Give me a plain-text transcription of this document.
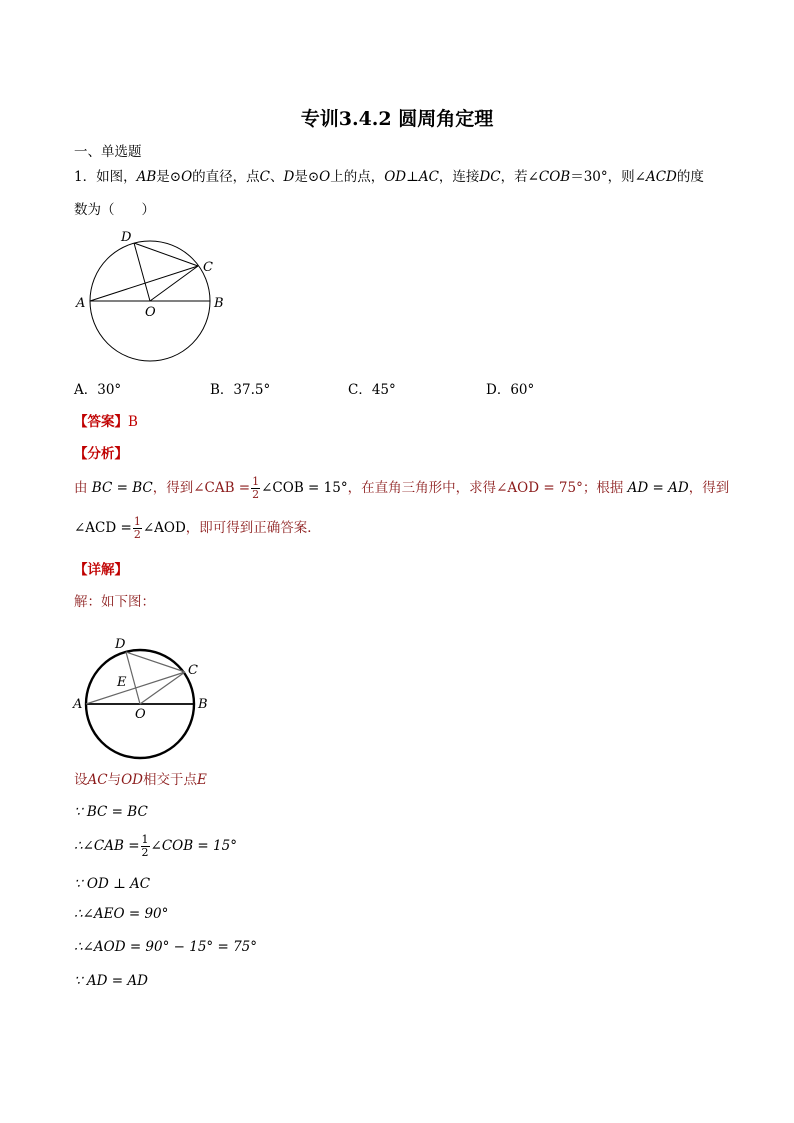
专训3.4.2 圆周角定理
一、单选题
1．如图，AB是⊙O的直径，点C、D是⊙O上的点，OD⊥AC，连接DC，若∠COB＝30°，则∠ACD的度
数为（　　）
D
C
A	B
O
A．30°	B．37.5°	C．45°	D．60°
【答案】B
【分析】
由 BC = BC，得到∠CAB = $\frac{1}{2}$ ∠COB = 15°，在直角三角形中，求得∠AOD = 75°；根据 AD = AD，得到
∠ACD = $\frac{1}{2}$ ∠AOD，即可得到正确答案．
【详解】
解：如下图：
D
C
E
A	B
O
设AC与OD相交于点E
∵ BC = BC
∴∠CAB = $\frac{1}{2}$ ∠COB = 15°
∵ OD ⊥ AC
∴∠AEO = 90°
∴∠AOD = 90° − 15° = 75°
∵ AD = AD
